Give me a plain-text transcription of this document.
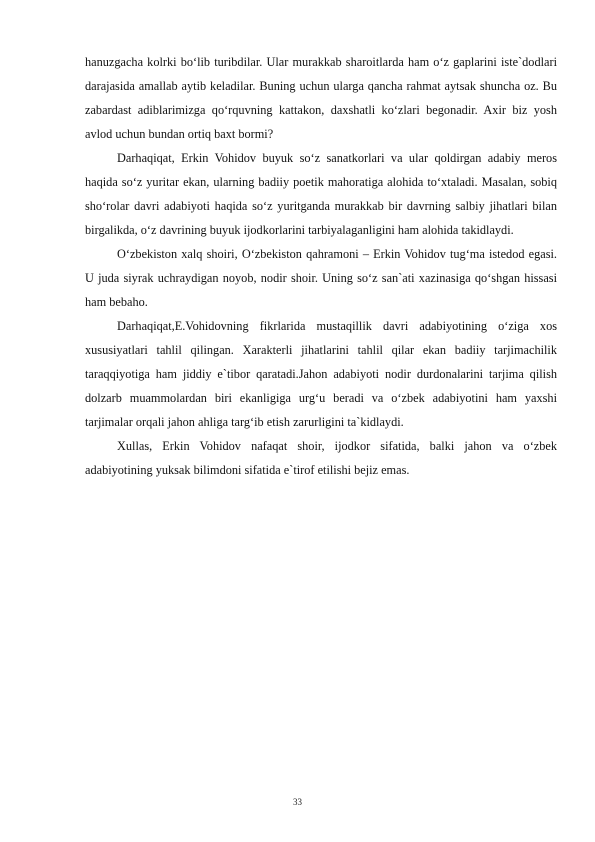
hanuzgacha kolrki bo‘lib turibdilar. Ular murakkab sharoitlarda ham o‘z gaplarini iste`dodlari darajasida amallab aytib keladilar. Buning uchun ularga qancha rahmat aytsak shuncha oz. Bu zabardast adiblarimizga qo‘rquvning kattakon, daxshatli ko‘zlari begonadir. Axir biz yosh avlod uchun bundan ortiq baxt bormi?

Darhaqiqat, Erkin Vohidov buyuk so‘z sanatkorlari va ular qoldirgan adabiy meros haqida so‘z yuritar ekan, ularning badiiy poetik mahoratiga alohida to‘xtaladi. Masalan, sobiq sho‘rolar davri adabiyoti haqida so‘z yuritganda murakkab bir davrning salbiy jihatlari bilan birgalikda, o‘z davrining buyuk ijodkorlarini tarbiyalaganligini ham alohida takidlaydi.

O‘zbekiston xalq shoiri, O‘zbekiston qahramoni – Erkin Vohidov tug‘ma istedod egasi. U juda siyrak uchraydigan noyob, nodir shoir. Uning so‘z san`ati xazinasiga qo‘shgan hissasi ham bebaho.

Darhaqiqat,E.Vohidovning fikrlarida mustaqillik davri adabiyotining o‘ziga xos xususiyatlari tahlil qilingan. Xarakterli jihatlarini tahlil qilar ekan badiiy tarjimachilik taraqqiyotiga ham jiddiy e`tibor qaratadi.Jahon adabiyoti nodir durdonalarini tarjima qilish dolzarb muammolardan biri ekanligiga urg‘u beradi va o‘zbek adabiyotini ham yaxshi tarjimalar orqali jahon ahliga targ‘ib etish zarurligini ta`kidlaydi.

Xullas, Erkin Vohidov nafaqat shoir, ijodkor sifatida, balki jahon va o‘zbek adabiyotining yuksak bilimdoni sifatida e`tirof etilishi bejiz emas.

33
